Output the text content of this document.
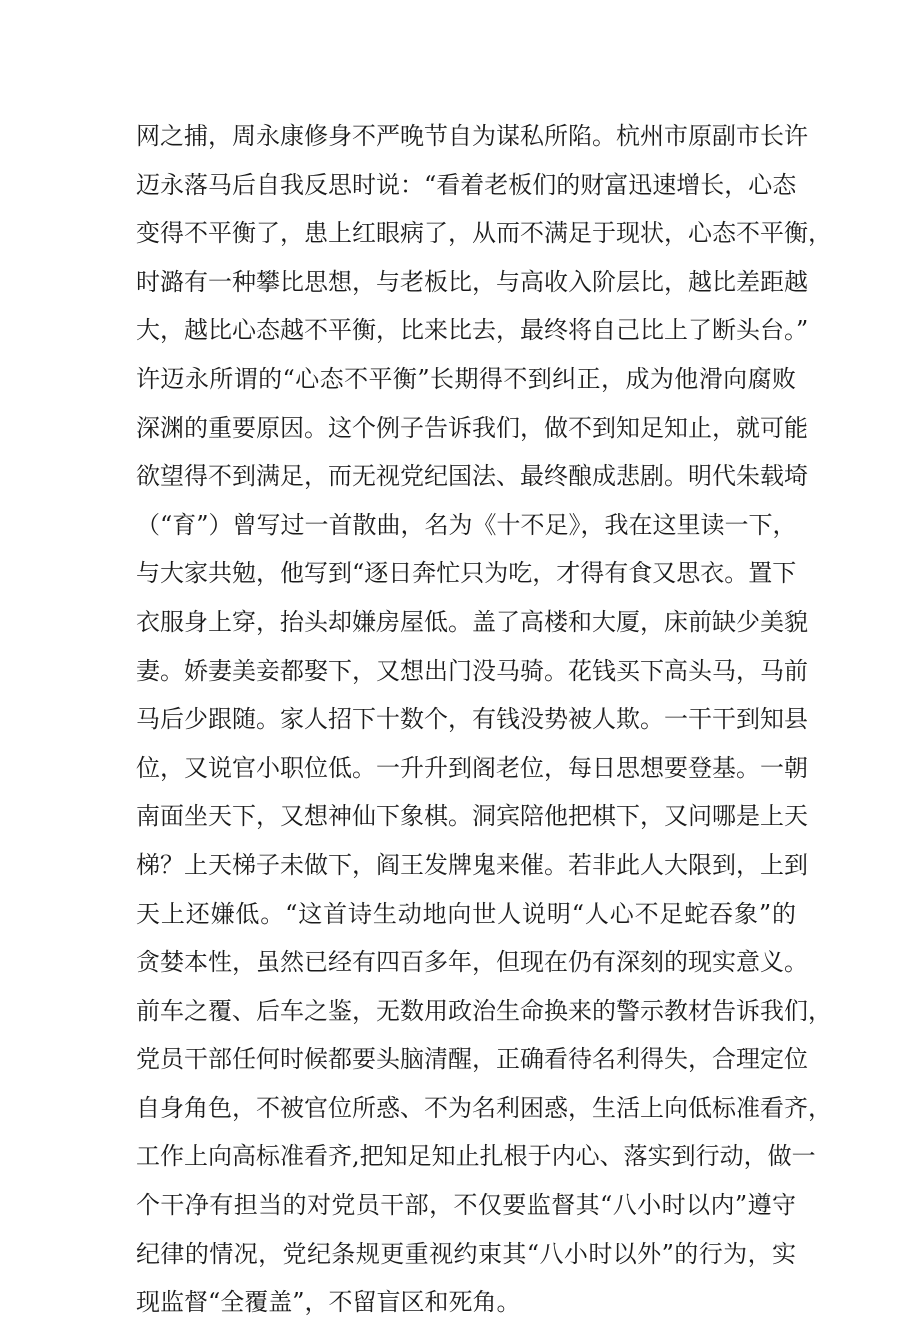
网之捕，周永康修身不严晚节自为谋私所陷。杭州市原副市长许
迈永落马后自我反思时说：“看着老板们的财富迅速增长，心态
变得不平衡了，患上红眼病了，从而不满足于现状，心态不平衡，
时潞有一种攀比思想，与老板比，与高收入阶层比，越比差距越
大，越比心态越不平衡，比来比去，最终将自己比上了断头台。”
许迈永所谓的“心态不平衡”长期得不到纠正，成为他滑向腐败
深渊的重要原因。这个例子告诉我们，做不到知足知止，就可能
欲望得不到满足，而无视党纪国法、最终酿成悲剧。明代朱载埼
（“育”）曾写过一首散曲，名为《十不足》，我在这里读一下，
与大家共勉，他写到“逐日奔忙只为吃，才得有食又思衣。置下
衣服身上穿，抬头却嫌房屋低。盖了高楼和大厦，床前缺少美貌
妻。娇妻美妾都娶下，又想出门没马骑。花钱买下高头马，马前
马后少跟随。家人招下十数个，有钱没势被人欺。一干干到知县
位，又说官小职位低。一升升到阁老位，每日思想要登基。一朝
南面坐天下，又想神仙下象棋。洞宾陪他把棋下，又问哪是上天
梯？上天梯子未做下，阎王发牌鬼来催。若非此人大限到，上到
天上还嫌低。“这首诗生动地向世人说明“人心不足蛇吞象”的
贪婪本性，虽然已经有四百多年，但现在仍有深刻的现实意义。
前车之覆、后车之鉴，无数用政治生命换来的警示教材告诉我们，
党员干部任何时候都要头脑清醒，正确看待名利得失，合理定位
自身角色，不被官位所惑、不为名利困惑，生活上向低标准看齐，
工作上向高标准看齐,把知足知止扎根于内心、落实到行动，做一
个干净有担当的对党员干部，不仅要监督其“八小时以内”遵守
纪律的情况，党纪条规更重视约束其“八小时以外”的行为，实
现监督“全覆盖”，不留盲区和死角。
